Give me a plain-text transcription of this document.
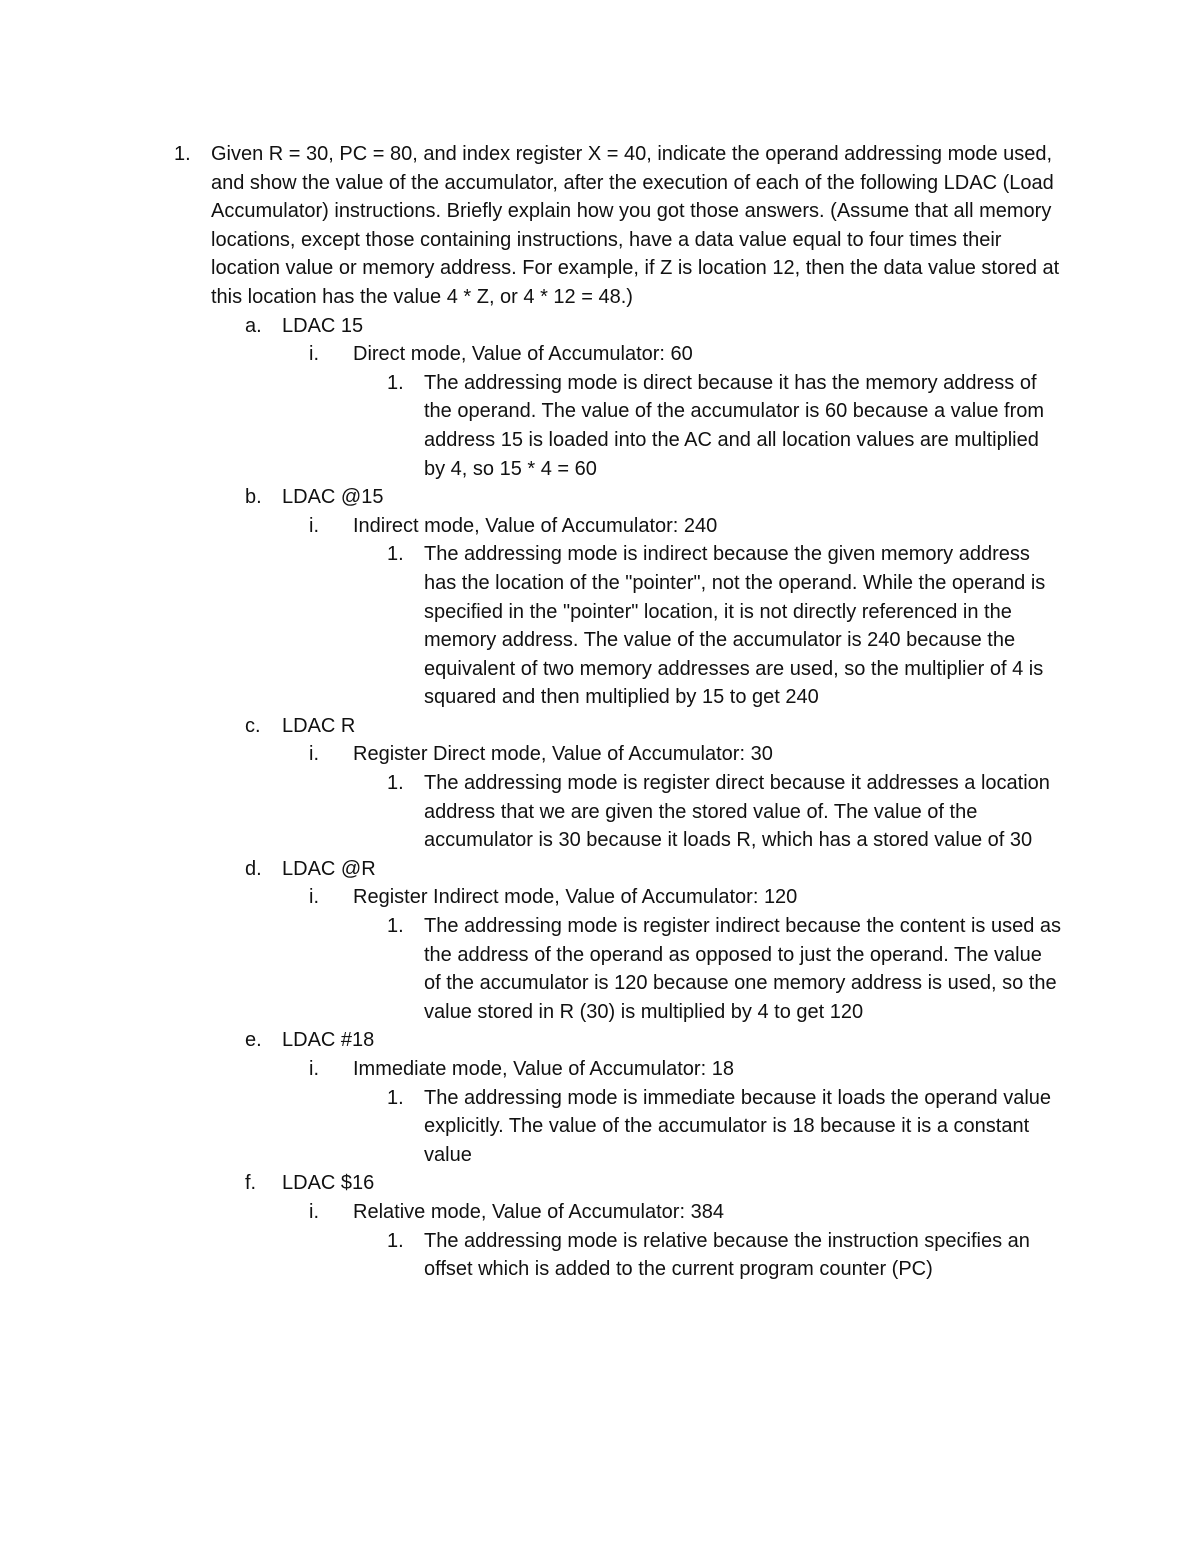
1. Given R = 30, PC = 80, and index register X = 40, indicate the operand addressing mode used, and show the value of the accumulator, after the execution of each of the following LDAC (Load Accumulator) instructions. Briefly explain how you got those answers. (Assume that all memory locations, except those containing instructions, have a data value equal to four times their location value or memory address. For example, if Z is location 12, then the data value stored at this location has the value 4 * Z, or 4 * 12 = 48.)
a. LDAC 15
i. Direct mode, Value of Accumulator: 60
1. The addressing mode is direct because it has the memory address of the operand. The value of the accumulator is 60 because a value from address 15 is loaded into the AC and all location values are multiplied by 4, so 15 * 4 = 60
b. LDAC @15
i. Indirect mode, Value of Accumulator: 240
1. The addressing mode is indirect because the given memory address has the location of the "pointer", not the operand. While the operand is specified in the "pointer" location, it is not directly referenced in the memory address. The value of the accumulator is 240 because the equivalent of two memory addresses are used, so the multiplier of 4 is squared and then multiplied by 15 to get 240
c. LDAC R
i. Register Direct mode, Value of Accumulator: 30
1. The addressing mode is register direct because it addresses a location address that we are given the stored value of. The value of the accumulator is 30 because it loads R, which has a stored value of 30
d. LDAC @R
i. Register Indirect mode, Value of Accumulator: 120
1. The addressing mode is register indirect because the content is used as the address of the operand as opposed to just the operand. The value of the accumulator is 120 because one memory address is used, so the value stored in R (30) is multiplied by 4 to get 120
e. LDAC #18
i. Immediate mode, Value of Accumulator: 18
1. The addressing mode is immediate because it loads the operand value explicitly. The value of the accumulator is 18 because it is a constant value
f. LDAC $16
i. Relative mode, Value of Accumulator: 384
1. The addressing mode is relative because the instruction specifies an offset which is added to the current program counter (PC)
